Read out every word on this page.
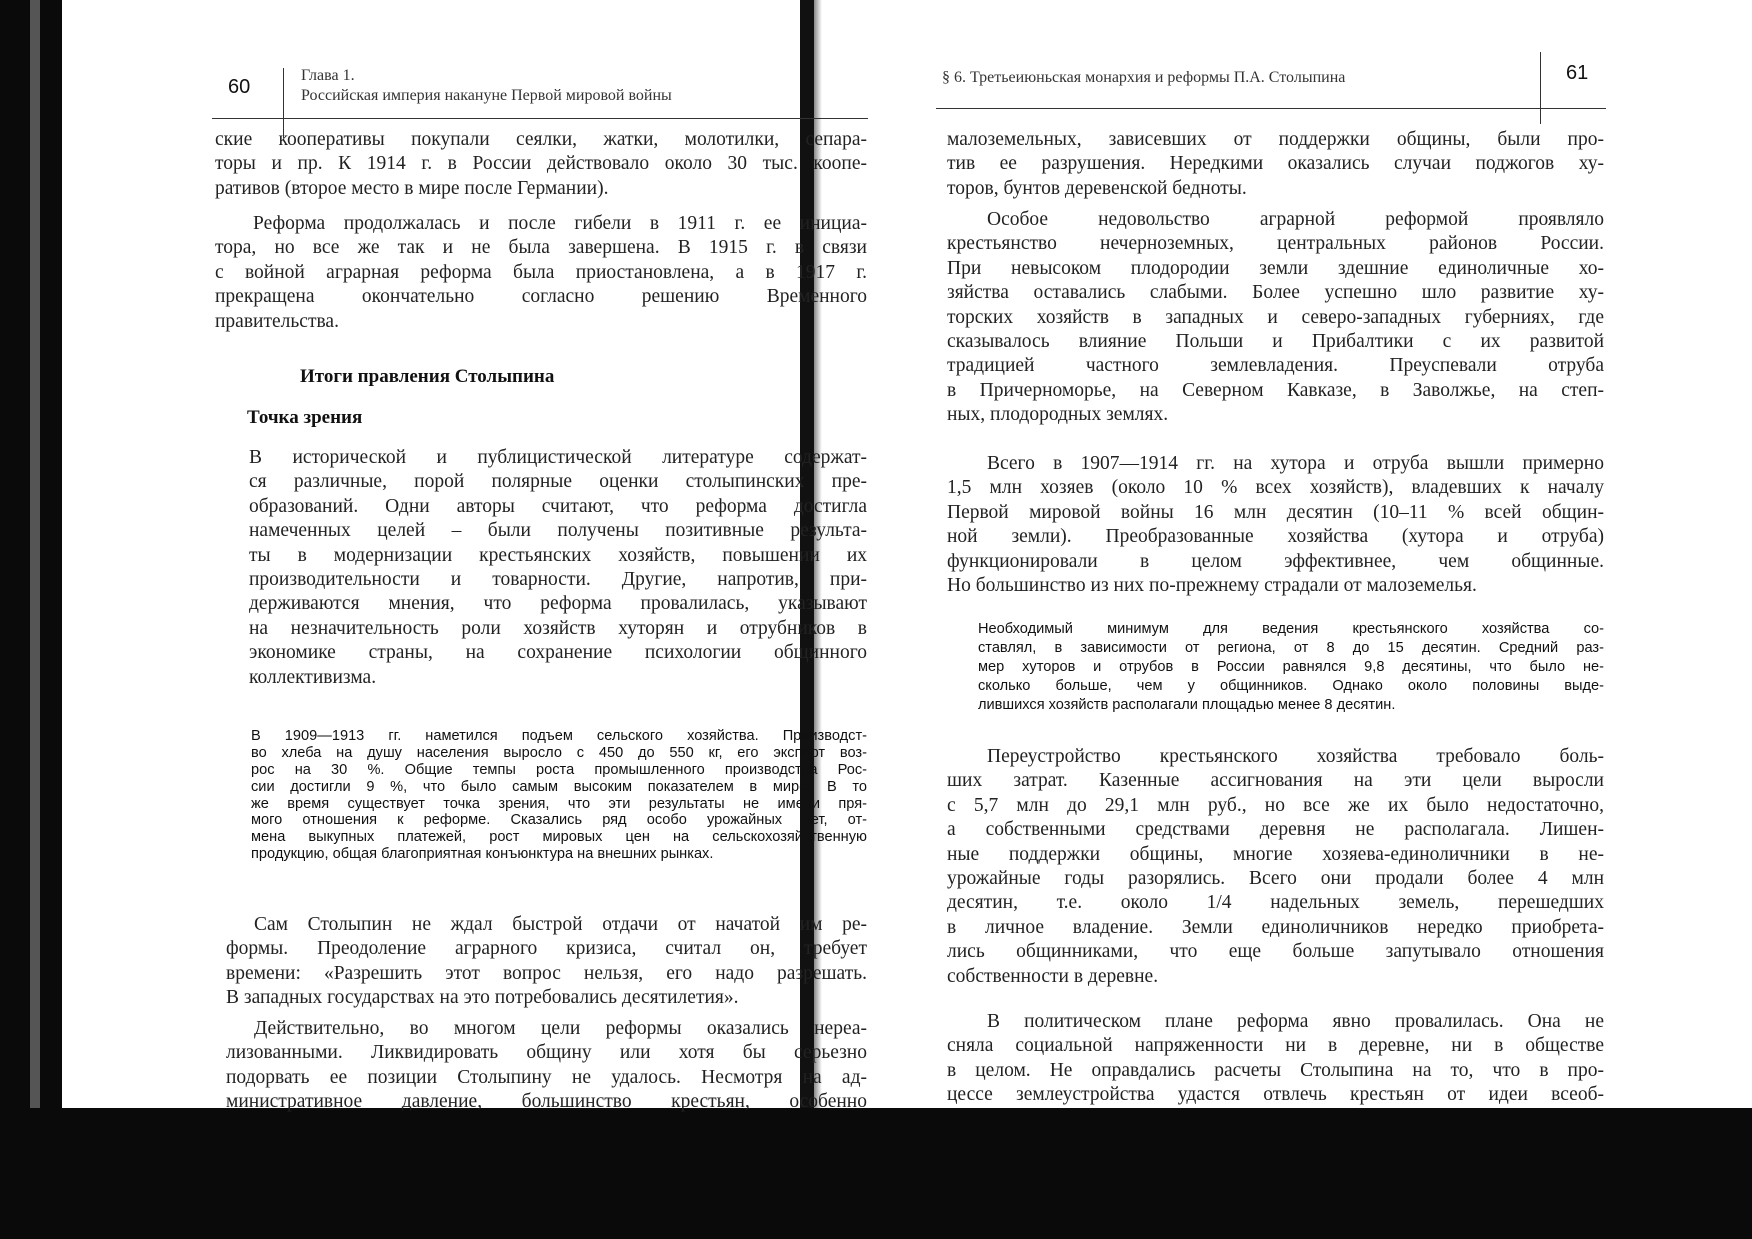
60
Глава 1.
Российская империя накануне Первой мировой войны
§ 6. Третьеиюньская монархия и реформы П.А. Столыпина	61
ские кооперативы покупали сеялки, жатки, молотилки, сепара-
торы и пр. К 1914 г. в России действовало около 30 тыс. коопе-
ративов (второе место в мире после Германии).
Реформа продолжалась и после гибели в 1911 г. ее инициа-
тора, но все же так и не была завершена. В 1915 г. в связи
с войной аграрная реформа была приостановлена, а в 1917 г.
прекращена окончательно согласно решению Временного
правительства.
Итоги правления Столыпина
Точка зрения
В исторической и публицистической литературе содержат-
ся различные, порой полярные оценки столыпинских пре-
образований. Одни авторы считают, что реформа достигла
намеченных целей – были получены позитивные результа-
ты в модернизации крестьянских хозяйств, повышении их
производительности и товарности. Другие, напротив, при-
держиваются мнения, что реформа провалилась, указывают
на незначительность роли хозяйств хуторян и отрубников в
экономике страны, на сохранение психологии общинного
коллективизма.
В 1909—1913 гг. наметился подъем сельского хозяйства. Производст-
во хлеба на душу населения выросло с 450 до 550 кг, его экспорт воз-
рос на 30 %. Общие темпы роста промышленного производства Рос-
сии достигли 9 %, что было самым высоким показателем в мире. В то
же время существует точка зрения, что эти результаты не имели пря-
мого отношения к реформе. Сказались ряд особо урожайных лет, от-
мена выкупных платежей, рост мировых цен на сельскохозяйственную
продукцию, общая благоприятная конъюнктура на внешних рынках.
Сам Столыпин не ждал быстрой отдачи от начатой им ре-
формы. Преодоление аграрного кризиса, считал он, требует
времени: «Разрешить этот вопрос нельзя, его надо разрешать.
В западных государствах на это потребовались десятилетия».
Действительно, во многом цели реформы оказались нереа-
лизованными. Ликвидировать общину или хотя бы серьезно
подорвать ее позиции Столыпину не удалось. Несмотря на ад-
министративное давление, большинство крестьян, особенно
малоземельных, зависевших от поддержки общины, были про-
тив ее разрушения. Нередкими оказались случаи поджогов ху-
торов, бунтов деревенской бедноты.
Особое недовольство аграрной реформой проявляло
крестьянство нечерноземных, центральных районов России.
При невысоком плодородии земли здешние единоличные хо-
зяйства оставались слабыми. Более успешно шло развитие ху-
торских хозяйств в западных и северо-западных губерниях, где
сказывалось влияние Польши и Прибалтики с их развитой
традицией частного землевладения. Преуспевали отруба
в Причерноморье, на Северном Кавказе, в Заволжье, на степ-
ных, плодородных землях.
Всего в 1907—1914 гг. на хутора и отруба вышли примерно
1,5 млн хозяев (около 10 % всех хозяйств), владевших к началу
Первой мировой войны 16 млн десятин (10–11 % всей общин-
ной земли). Преобразованные хозяйства (хутора и отруба)
функционировали в целом эффективнее, чем общинные.
Но большинство из них по-прежнему страдали от малоземелья.
Необходимый минимум для ведения крестьянского хозяйства со-
ставлял, в зависимости от региона, от 8 до 15 десятин. Средний раз-
мер хуторов и отрубов в России равнялся 9,8 десятины, что было не-
сколько больше, чем у общинников. Однако около половины выде-
лившихся хозяйств располагали площадью менее 8 десятин.
Переустройство крестьянского хозяйства требовало боль-
ших затрат. Казенные ассигнования на эти цели выросли
с 5,7 млн до 29,1 млн руб., но все же их было недостаточно,
а собственными средствами деревня не располагала. Лишен-
ные поддержки общины, многие хозяева-единоличники в не-
урожайные годы разорялись. Всего они продали более 4 млн
десятин, т.е. около 1/4 надельных земель, перешедших
в личное владение. Земли единоличников нередко приобрета-
лись общинниками, что еще больше запутывало отношения
собственности в деревне.
В политическом плане реформа явно провалилась. Она не
сняла социальной напряженности ни в деревне, ни в обществе
в целом. Не оправдались расчеты Столыпина на то, что в про-
цессе землеустройства удастся отвлечь крестьян от идеи всеоб-
